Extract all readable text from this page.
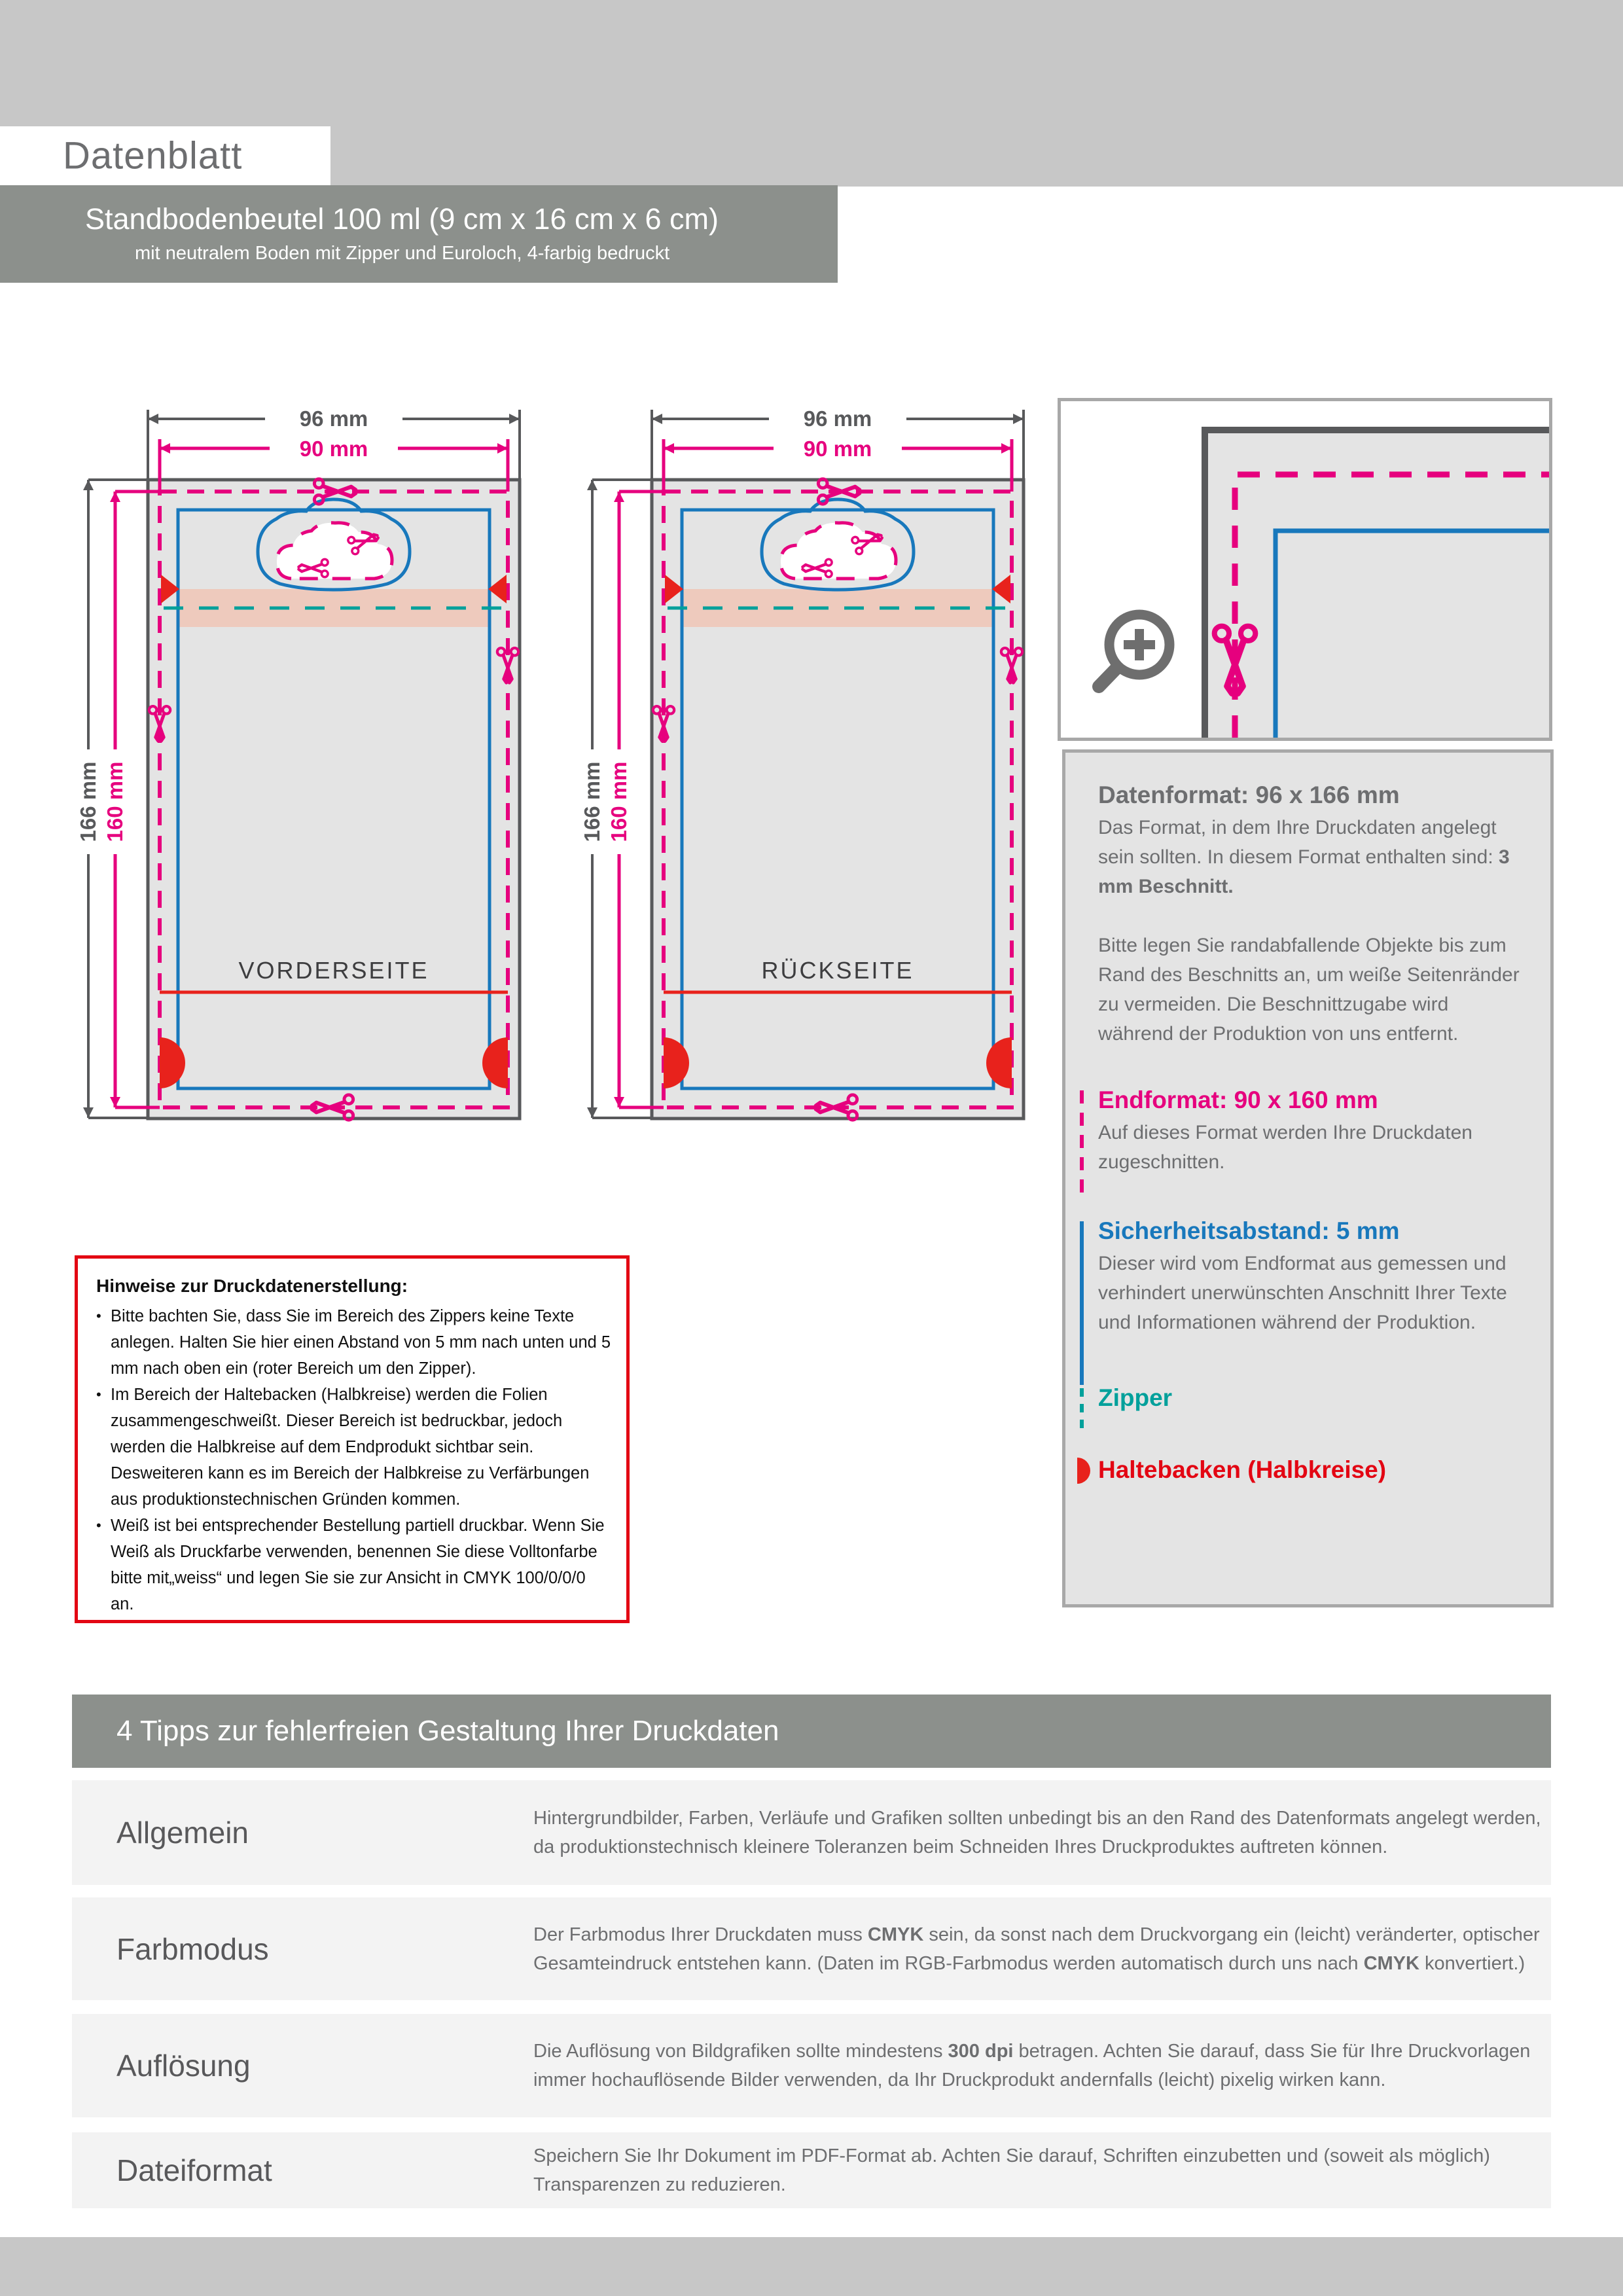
Datenblatt
Standbodenbeutel 100 ml (9 cm x 16 cm x 6 cm)
mit neutralem Boden mit Zipper und Euroloch, 4-farbig bedruckt
VORDERSEITE
96 mm
90 mm
166 mm 160 mm
RÜCKSEITE
96 mm
90 mm
166 mm 160 mm	Datenformat: 96 x 166 mm

Das Format, in dem Ihre Druckdaten angelegt sein sollten. In diesem Format enthalten sind: 3 mm Beschnitt.

Bitte legen Sie randabfallende Objekte bis zum Rand des Beschnitts an, um weiße Seitenränder zu vermeiden. Die Beschnittzugabe wird während der Produktion von uns entfernt.

Endformat: 90 x 160 mm

Auf dieses Format werden Ihre Druckdaten zugeschnitten.

Sicherheitsabstand: 5 mm

Dieser wird vom Endformat aus gemessen und verhindert unerwünschten Anschnitt Ihrer Texte und Informationen während der Produktion.

Zipper
Haltebacken (Halbkreise)
Hinweise zur Druckdatenerstellung:
• Bitte bachten Sie, dass Sie im Bereich des Zippers keine Texte anlegen. Halten Sie hier einen Abstand von 5 mm nach unten und 5 mm nach oben ein (roter Bereich um den Zipper).
• Im Bereich der Haltebacken (Halbkreise) werden die Folien zusammengeschweißt. Dieser Bereich ist bedruckbar, jedoch werden die Halbkreise auf dem Endprodukt sichtbar sein. Desweiteren kann es im Bereich der Halbkreise zu Verfärbungen aus produktionstechnischen Gründen kommen.
• Weiß ist bei entsprechender Bestellung partiell druckbar. Wenn Sie Weiß als Druckfarbe verwenden, benennen Sie diese Volltonfarbe bitte mit„weiss“ und legen Sie sie zur Ansicht in CMYK 100/0/0/0 an.
4 Tipps zur fehlerfreien Gestaltung Ihrer Druckdaten
Allgemein	Hintergrundbilder, Farben, Verläufe und Grafiken sollten unbedingt bis an den Rand des Datenformats angelegt werden, da produktionstechnisch kleinere Toleranzen beim Schneiden Ihres Druckproduktes auftreten können.
Farbmodus	Der Farbmodus Ihrer Druckdaten muss CMYK sein, da sonst nach dem Druckvorgang ein (leicht) veränderter, optischer Gesamteindruck entstehen kann. (Daten im RGB-Farbmodus werden automatisch durch uns nach CMYK konvertiert.)
Auflösung	Die Auflösung von Bildgrafiken sollte mindestens 300 dpi betragen. Achten Sie darauf, dass Sie für Ihre Druckvorlagen immer hochauflösende Bilder verwenden, da Ihr Druckprodukt andernfalls (leicht) pixelig wirken kann.
Dateiformat	Speichern Sie Ihr Dokument im PDF-Format ab. Achten Sie darauf, Schriften einzubetten und (soweit als möglich) Transparenzen zu reduzieren.
